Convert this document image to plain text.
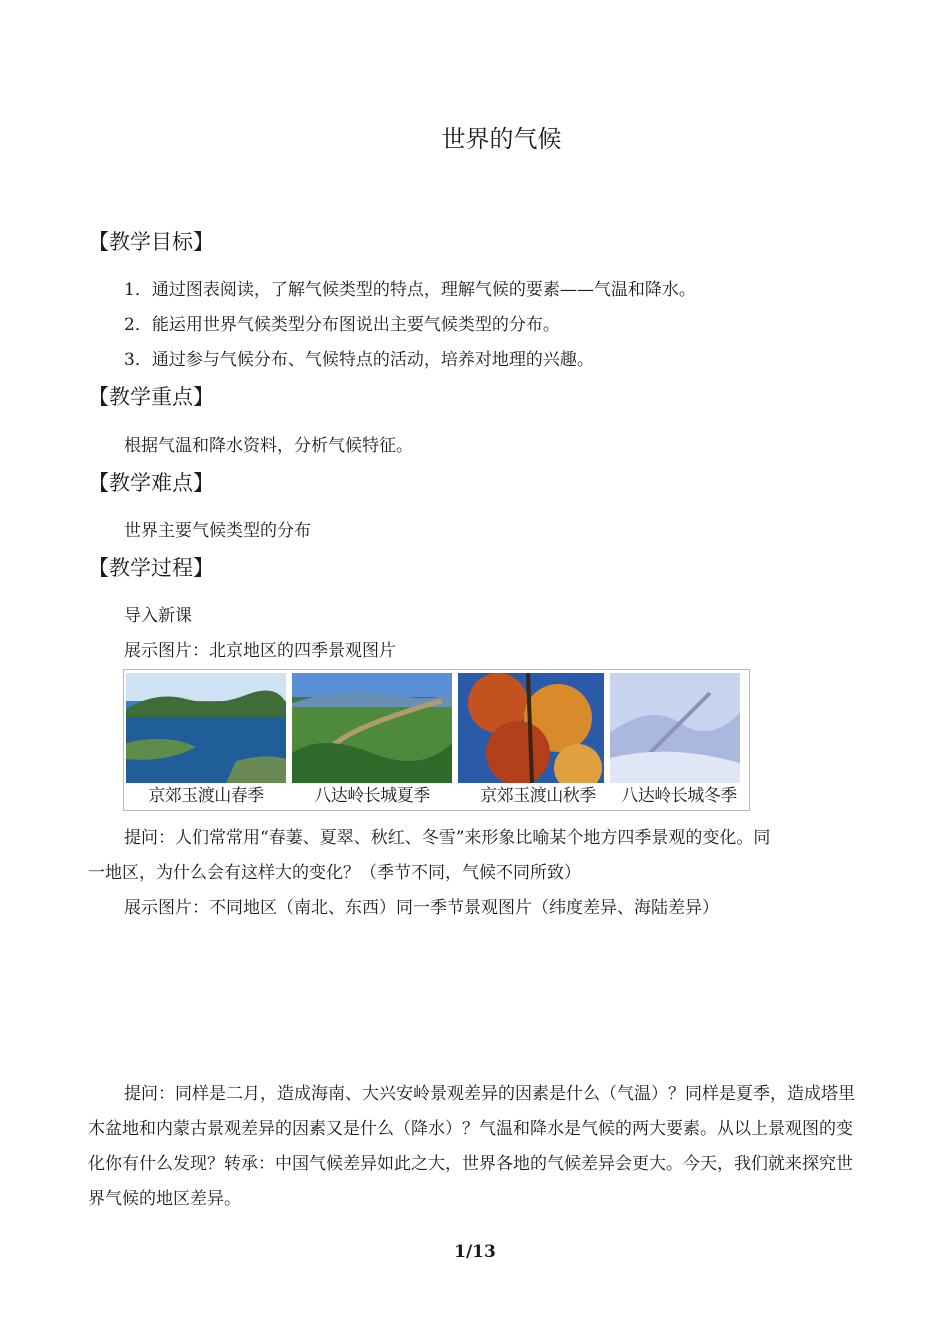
世界的气候
【教学目标】
1．通过图表阅读，了解气候类型的特点，理解气候的要素——气温和降水。
2．能运用世界气候类型分布图说出主要气候类型的分布。
3．通过参与气候分布、气候特点的活动，培养对地理的兴趣。
【教学重点】
根据气温和降水资料，分析气候特征。
【教学难点】
世界主要气候类型的分布
【教学过程】
导入新课
展示图片：北京地区的四季景观图片
京郊玉渡山春季	八达岭长城夏季	京郊玉渡山秋季	八达岭长城冬季
提问：人们常常用“春萋、夏翠、秋红、冬雪”来形象比喻某个地方四季景观的变化。同
一地区，为什么会有这样大的变化？（季节不同，气候不同所致）
展示图片：不同地区（南北、东西）同一季节景观图片（纬度差异、海陆差异）
提问：同样是二月，造成海南、大兴安岭景观差异的因素是什么（气温）？同样是夏季，造成塔里木盆地和内蒙古景观差异的因素又是什么（降水）？气温和降水是气候的两大要素。从以上景观图的变化你有什么发现？转承：中国气候差异如此之大，世界各地的气候差异会更大。今天，我们就来探究世界气候的地区差异。
1/13
